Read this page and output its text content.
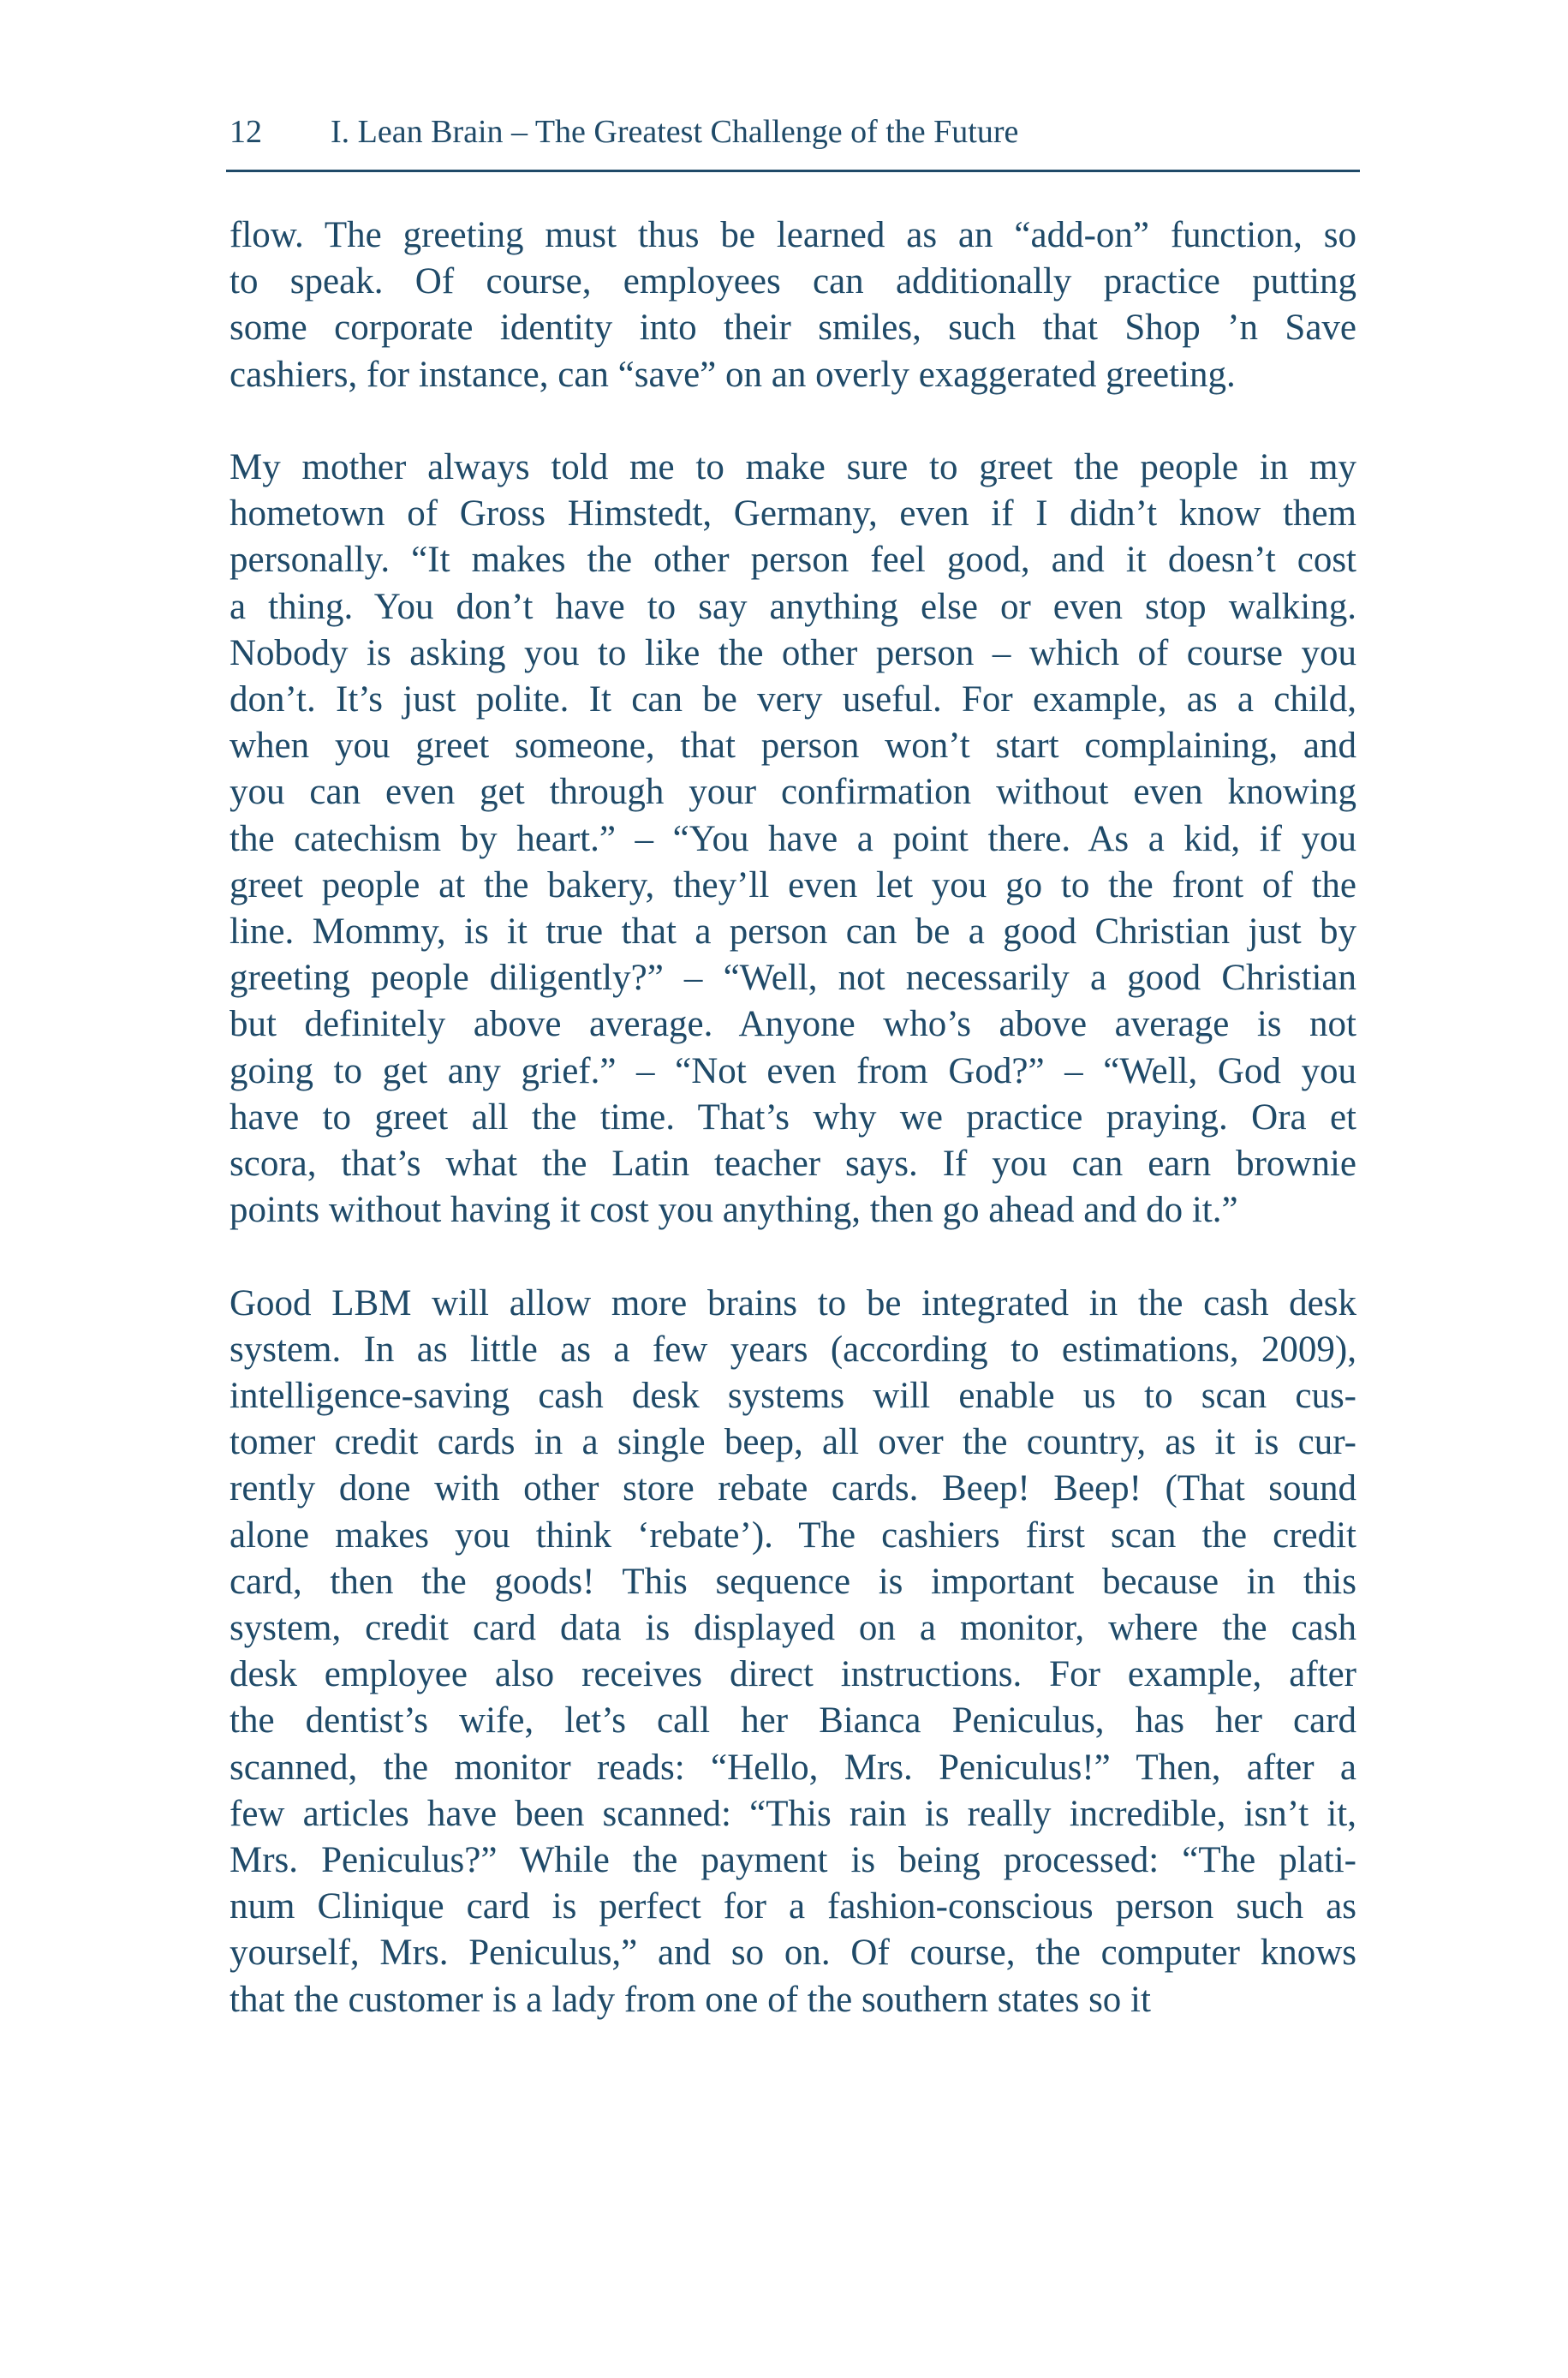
12 I. Lean Brain – The Greatest Challenge of the Future
flow. The greeting must thus be learned as an “add-on” function, so
to speak. Of course, employees can additionally practice putting
some corporate identity into their smiles, such that Shop ’n Save
cashiers, for instance, can “save” on an overly exaggerated greeting.
My mother always told me to make sure to greet the people in my
hometown of Gross Himstedt, Germany, even if I didn’t know them
personally. “It makes the other person feel good, and it doesn’t cost
a thing. You don’t have to say anything else or even stop walking.
Nobody is asking you to like the other person – which of course you
don’t. It’s just polite. It can be very useful. For example, as a child,
when you greet someone, that person won’t start complaining, and
you can even get through your confirmation without even knowing
the catechism by heart.” – “You have a point there. As a kid, if you
greet people at the bakery, they’ll even let you go to the front of the
line. Mommy, is it true that a person can be a good Christian just by
greeting people diligently?” – “Well, not necessarily a good Christian
but definitely above average. Anyone who’s above average is not
going to get any grief.” – “Not even from God?” – “Well, God you
have to greet all the time. That’s why we practice praying. Ora et
scora, that’s what the Latin teacher says. If you can earn brownie
points without having it cost you anything, then go ahead and do it.”
Good LBM will allow more brains to be integrated in the cash desk
system. In as little as a few years (according to estimations, 2009),
intelligence-saving cash desk systems will enable us to scan cus-
tomer credit cards in a single beep, all over the country, as it is cur-
rently done with other store rebate cards. Beep! Beep! (That sound
alone makes you think ‘rebate’). The cashiers first scan the credit
card, then the goods! This sequence is important because in this
system, credit card data is displayed on a monitor, where the cash
desk employee also receives direct instructions. For example, after
the dentist’s wife, let’s call her Bianca Peniculus, has her card
scanned, the monitor reads: “Hello, Mrs. Peniculus!” Then, after a
few articles have been scanned: “This rain is really incredible, isn’t it,
Mrs. Peniculus?” While the payment is being processed: “The plati-
num Clinique card is perfect for a fashion-conscious person such as
yourself, Mrs. Peniculus,” and so on. Of course, the computer knows
that the customer is a lady from one of the southern states so it
